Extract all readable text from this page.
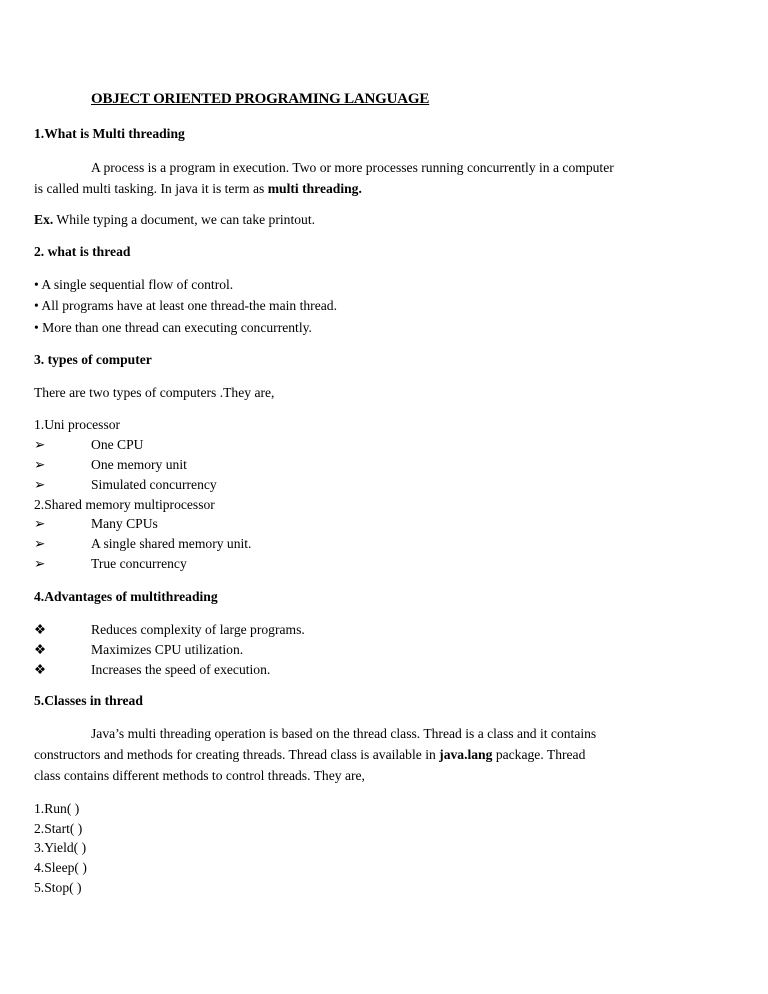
OBJECT ORIENTED PROGRAMING LANGUAGE
1.What is Multi threading
A process is a program in execution. Two or more processes running concurrently in a computer
is called multi tasking. In java it is term as multi threading.
Ex. While typing a document, we can take printout.
2. what is thread
• A single sequential flow of control.
• All programs have at least one thread-the main thread.
• More than one thread can executing concurrently.
3. types of computer
There are two types of computers .They are,
1.Uni processor
➢	One CPU
➢	One memory unit
➢	Simulated concurrency
2.Shared memory multiprocessor
➢	Many CPUs
➢	A single shared memory unit.
➢	True concurrency
4.Advantages of multithreading
❖	Reduces complexity of large programs.
❖	Maximizes CPU utilization.
❖	Increases the speed of execution.
5.Classes in thread
Java’s multi threading operation is based on the thread class. Thread is a class and it contains
constructors and methods for creating threads. Thread class is available in java.lang package. Thread
class contains different methods to control threads. They are,
1.Run( )
2.Start( )
3.Yield( )
4.Sleep( )
5.Stop( )
